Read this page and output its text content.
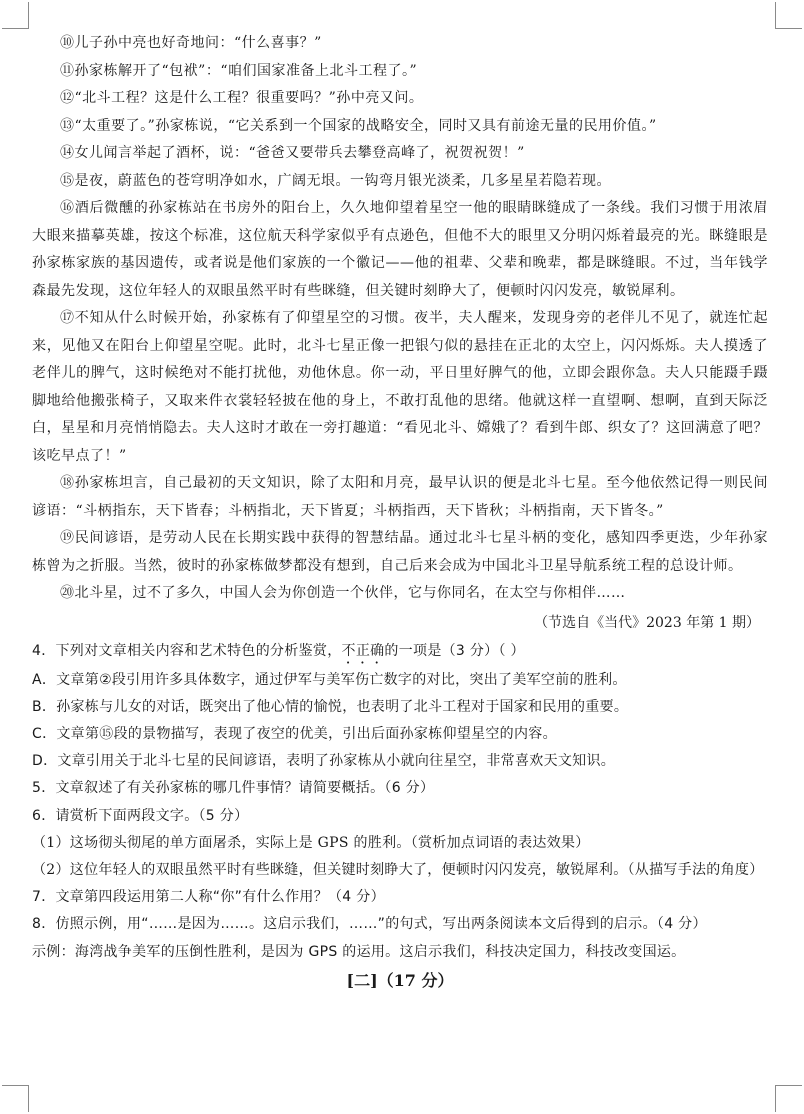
⑩儿子孙中亮也好奇地问：“什么喜事？”

⑪孙家栋解开了“包袱”：“咱们国家准备上北斗工程了。”

⑫“北斗工程？这是什么工程？很重要吗？”孙中亮又问。

⑬“太重要了。”孙家栋说，“它关系到一个国家的战略安全，同时又具有前途无量的民用价值。”

⑭女儿闻言举起了酒杯，说：“爸爸又要带兵去攀登高峰了，祝贺祝贺！”

⑮是夜，蔚蓝色的苍穹明净如水，广阔无垠。一钩弯月银光淡柔，几多星星若隐若现。

⑯酒后微醺的孙家栋站在书房外的阳台上，久久地仰望着星空一他的眼睛眯缝成了一条线。我们习惯于用浓眉大眼来描摹英雄，按这个标准，这位航天科学家似乎有点逊色，但他不大的眼里又分明闪烁着最亮的光。眯缝眼是孙家栋家族的基因遗传，或者说是他们家族的一个徽记——他的祖辈、父辈和晚辈，都是眯缝眼。不过，当年钱学森最先发现，这位年轻人的双眼虽然平时有些眯缝，但关键时刻睁大了，便顿时闪闪发亮，敏锐犀利。

⑰不知从什么时候开始，孙家栋有了仰望星空的习惯。夜半，夫人醒来，发现身旁的老伴儿不见了，就连忙起来，见他又在阳台上仰望星空呢。此时，北斗七星正像一把银勺似的悬挂在正北的太空上，闪闪烁烁。夫人摸透了老伴儿的脾气，这时候绝对不能打扰他，劝他休息。你一动，平日里好脾气的他，立即会跟你急。夫人只能蹑手蹑脚地给他搬张椅子，又取来件衣裳轻轻披在他的身上，不敢打乱他的思绪。他就这样一直望啊、想啊，直到天际泛白，星星和月亮悄悄隐去。夫人这时才敢在一旁打趣道：“看见北斗、嫦娥了？看到牛郎、织女了？这回满意了吧？该吃早点了！”

⑱孙家栋坦言，自己最初的天文知识，除了太阳和月亮，最早认识的便是北斗七星。至今他依然记得一则民间谚语：“斗柄指东，天下皆春；斗柄指北，天下皆夏；斗柄指西，天下皆秋；斗柄指南，天下皆冬。”

⑲民间谚语，是劳动人民在长期实践中获得的智慧结晶。通过北斗七星斗柄的变化，感知四季更迭，少年孙家栋曾为之折服。当然，彼时的孙家栋做梦都没有想到，自己后来会成为中国北斗卫星导航系统工程的总设计师。

⑳北斗星，过不了多久，中国人会为你创造一个伙伴，它与你同名，在太空与你相伴……

（节选自《当代》2023 年第 1 期）

4．下列对文章相关内容和艺术特色的分析鉴赏，不正确的一项是（3 分）（ ）

A．文章第②段引用许多具体数字，通过伊军与美军伤亡数字的对比，突出了美军空前的胜利。

B．孙家栋与儿女的对话，既突出了他心情的愉悦，也表明了北斗工程对于国家和民用的重要。

C．文章第⑮段的景物描写，表现了夜空的优美，引出后面孙家栋仰望星空的内容。

D．文章引用关于北斗七星的民间谚语，表明了孙家栋从小就向往星空，非常喜欢天文知识。

5．文章叙述了有关孙家栋的哪几件事情？请简要概括。（6 分）

6．请赏析下面两段文字。（5 分）

（1）这场彻头彻尾的单方面屠杀，实际上是 GPS 的胜利。（赏析加点词语的表达效果）

（2）这位年轻人的双眼虽然平时有些眯缝，但关键时刻睁大了，便顿时闪闪发亮，敏锐犀利。（从描写手法的角度）

7．文章第四段运用第二人称“你”有什么作用？（4 分）

8．仿照示例，用“……是因为……。这启示我们，……”的句式，写出两条阅读本文后得到的启示。（4 分）

示例：海湾战争美军的压倒性胜利，是因为 GPS 的运用。这启示我们，科技决定国力，科技改变国运。

[二]（17 分）
